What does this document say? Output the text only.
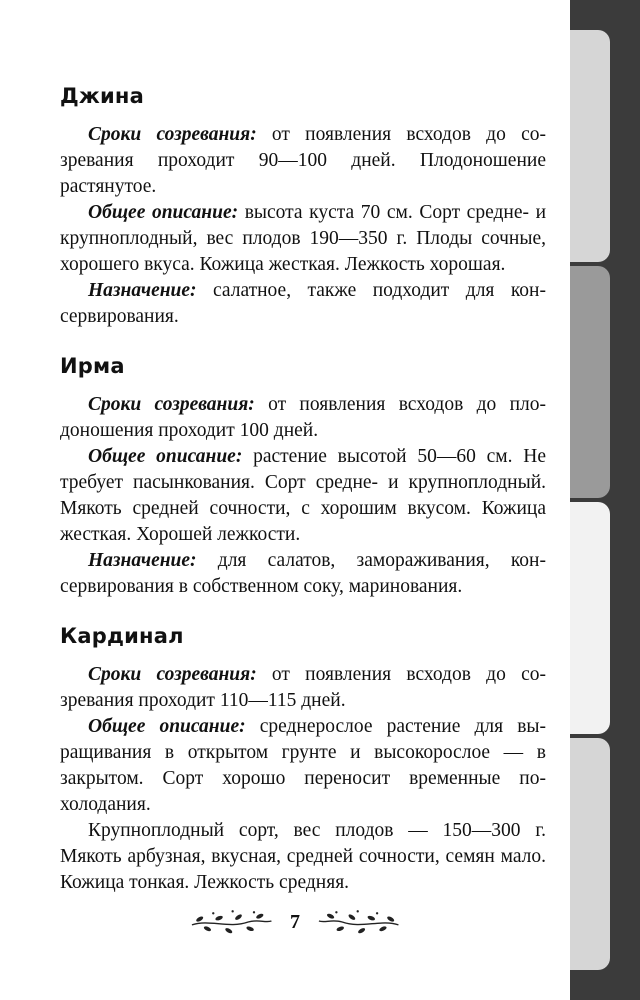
Джина

Сроки созревания: от появления всходов до созревания проходит 90—100 дней. Плодоношение растянутое.

Общее описание: высота куста 70 см. Сорт средне- и крупноплодный, вес плодов 190—350 г. Плоды сочные, хорошего вкуса. Кожица жесткая. Лежкость хорошая.

Назначение: салатное, также подходит для консервирования.

Ирма

Сроки созревания: от появления всходов до плодоношения проходит 100 дней.

Общее описание: растение высотой 50—60 см. Не требует пасынкования. Сорт средне- и крупноплодный. Мякоть средней сочности, с хорошим вкусом. Кожица жесткая. Хорошей лежкости.

Назначение: для салатов, замораживания, консервирования в собственном соку, маринования.

Кардинал

Сроки созревания: от появления всходов до созревания проходит 110—115 дней.

Общее описание: среднерослое растение для выращивания в открытом грунте и высокорослое — в закрытом. Сорт хорошо переносит временные похолодания.

Крупноплодный сорт, вес плодов — 150—300 г. Мякоть арбузная, вкусная, средней сочности, семян мало. Кожица тонкая. Лежкость средняя.

7
